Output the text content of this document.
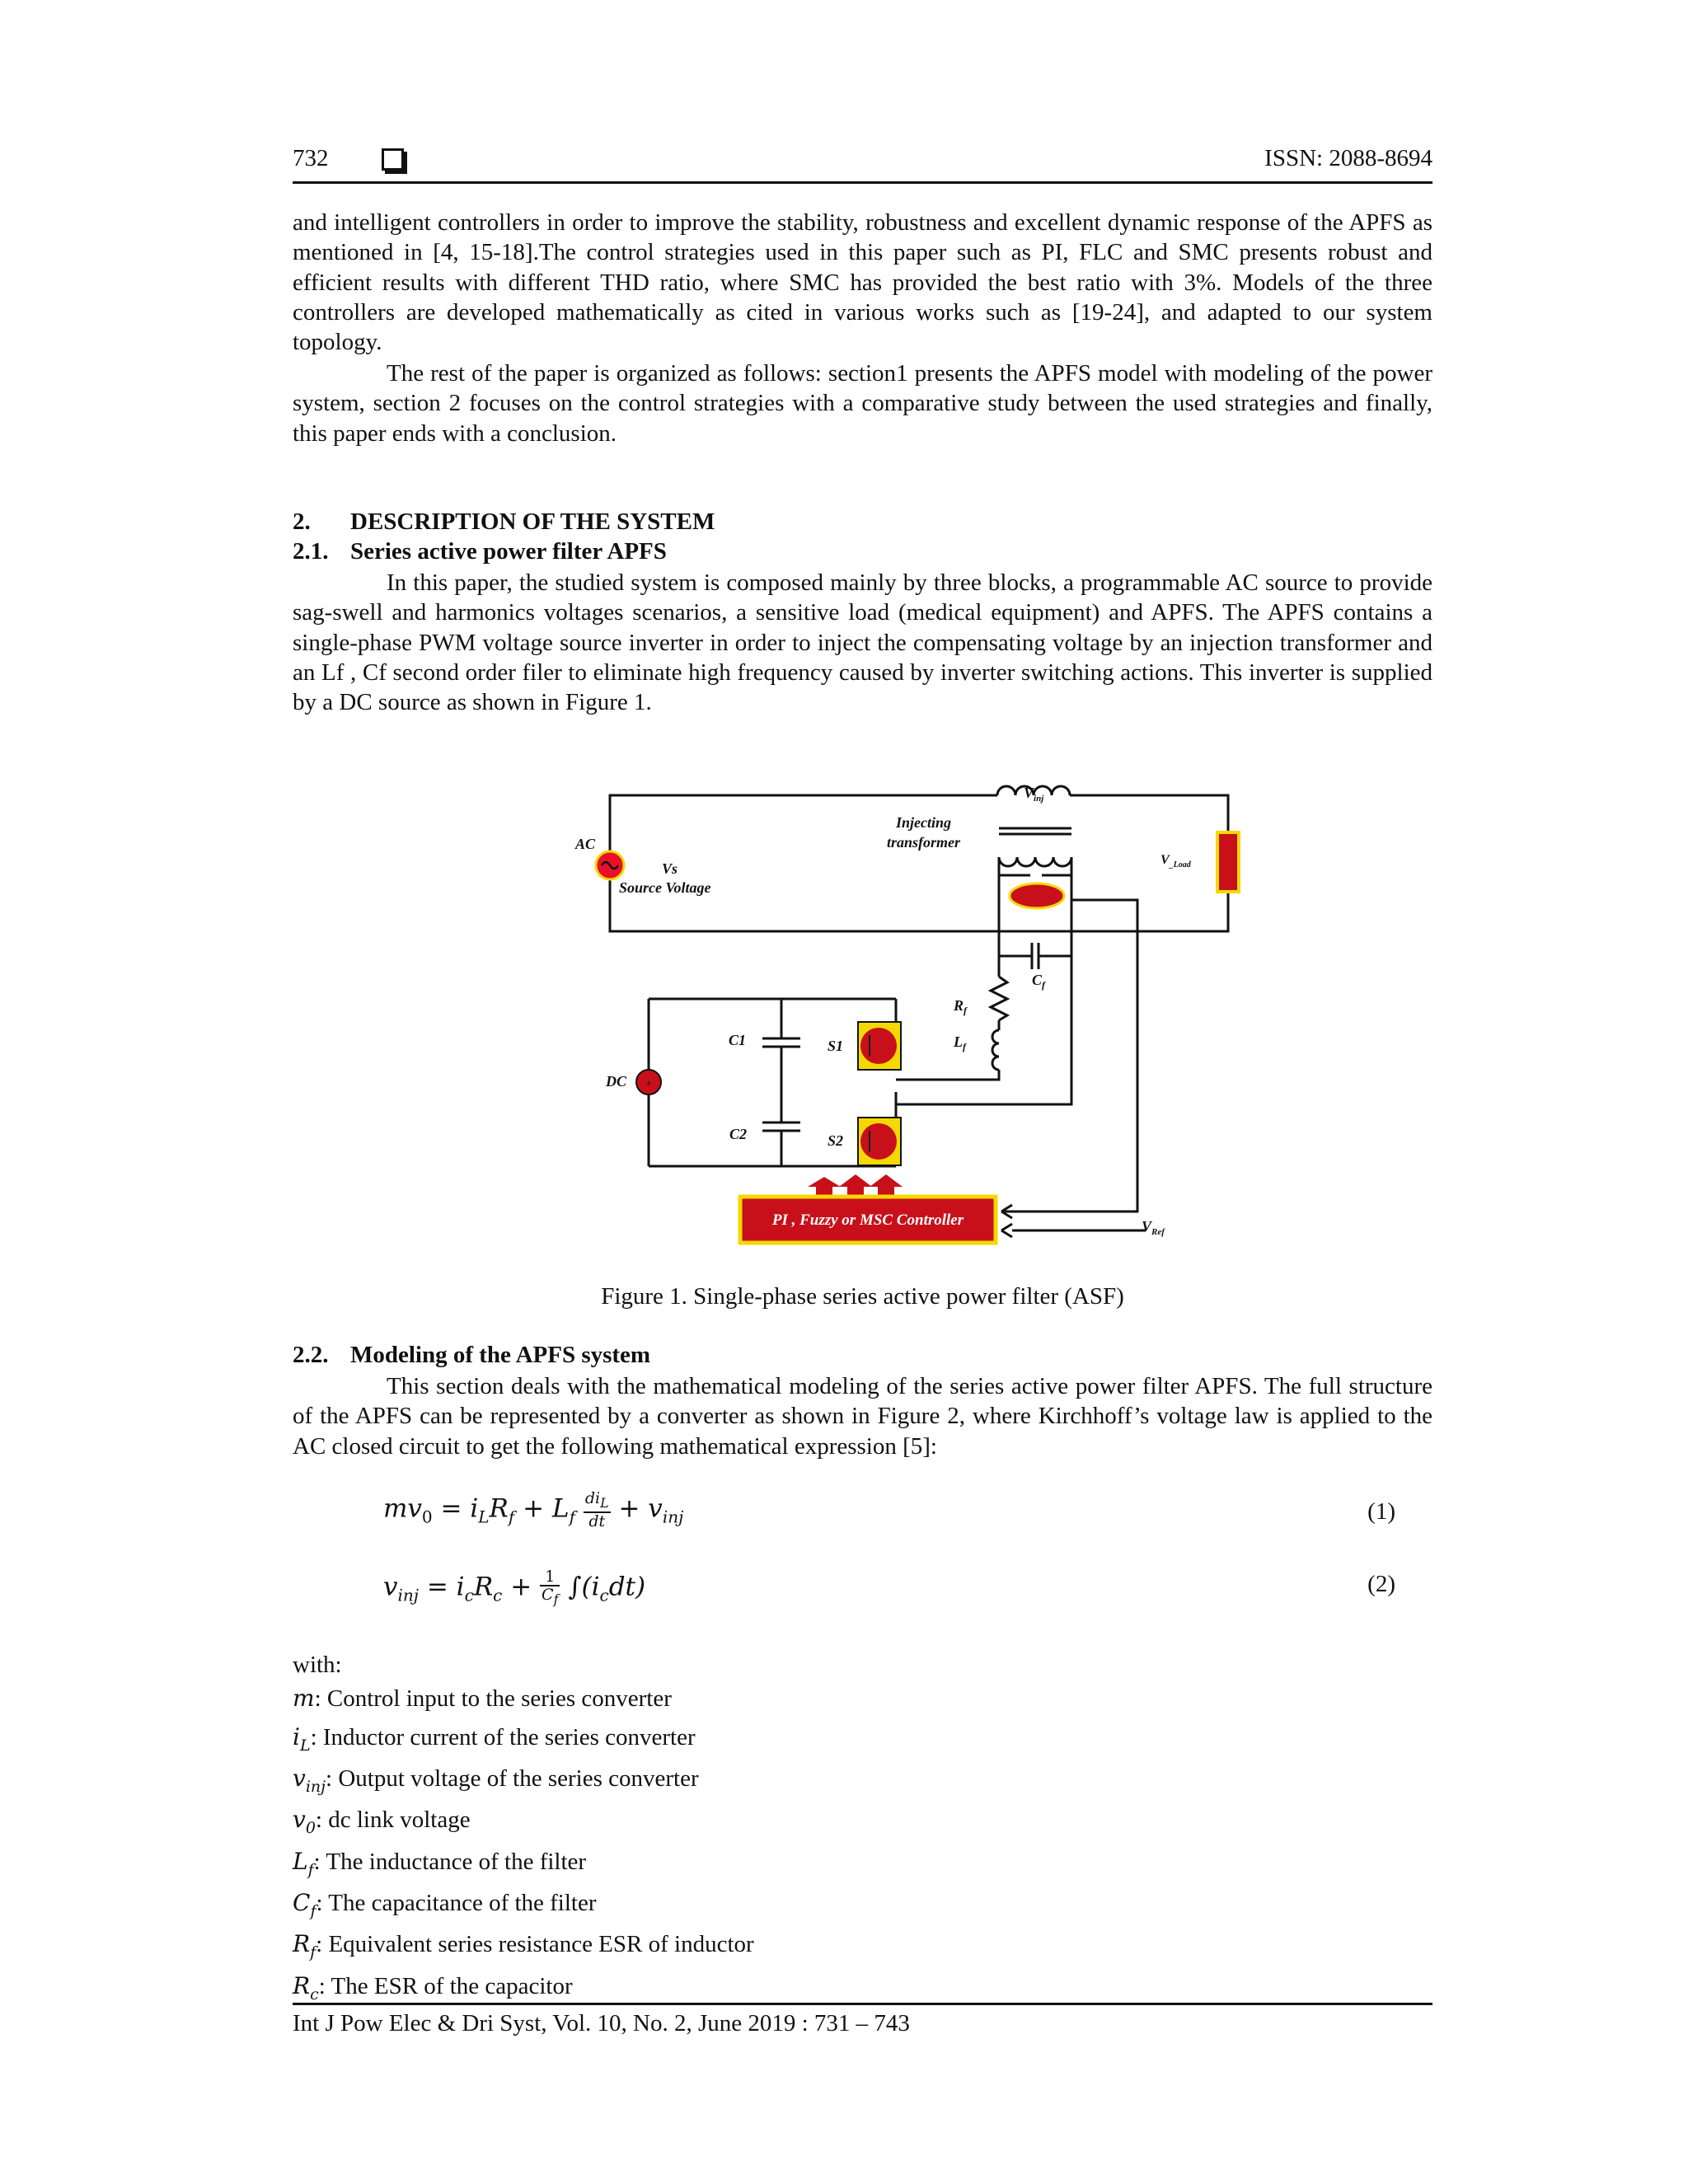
732	ISSN: 2088-8694
and intelligent controllers in order to improve the stability, robustness and excellent dynamic response of the APFS as mentioned in [4, 15-18].The control strategies used in this paper such as PI, FLC and SMC presents robust and efficient results with different THD ratio, where SMC has provided the best ratio with 3%. Models of the three controllers are developed mathematically as cited in various works such as [19-24], and adapted to our system topology.
The rest of the paper is organized as follows: section1 presents the APFS model with modeling of the power system, section 2 focuses on the control strategies with a comparative study between the used strategies and finally, this paper ends with a conclusion.
2. DESCRIPTION OF THE SYSTEM
2.1. Series active power filter APFS
In this paper, the studied system is composed mainly by three blocks, a programmable AC source to provide sag-swell and harmonics voltages scenarios, a sensitive load (medical equipment) and APFS. The APFS contains a single-phase PWM voltage source inverter in order to inject the compensating voltage by an injection transformer and an Lf , Cf second order filer to eliminate high frequency caused by inverter switching actions. This inverter is supplied by a DC source as shown in Figure 1.
+
PI , Fuzzy or MSC Controller
AC
Vs
Source Voltage
Injecting
transformer
$V_{inj}$
$V_{\_Load}$
$C_f$
$R_f$
$L_f$
C1
C2
S1
S2
DC
$V_{Ref}$
Figure 1. Single-phase series active power filter (ASF)
2.2. Modeling of the APFS system
This section deals with the mathematical modeling of the series active power filter APFS. The full structure of the APFS can be represented by a converter as shown in Figure 2, where Kirchhoff’s voltage law is applied to the AC closed circuit to get the following mathematical expression [5]:
$mv_0 = i_LR_f + L_f \frac{di_L}{dt} + v_{inj}$	(1)
$v_{inj} = i_cR_c + \frac{1}{C_f} \int(i_cdt)$	(2)
with:
m: Control input to the series converter
$i_L$: Inductor current of the series converter
$v_{inj}$: Output voltage of the series converter
$v_0$: dc link voltage
$L_f$: The inductance of the filter
$C_f$: The capacitance of the filter
$R_f$: Equivalent series resistance ESR of inductor
$R_c$: The ESR of the capacitor
Int J Pow Elec & Dri Syst, Vol. 10, No. 2, June 2019 : 731 – 743
